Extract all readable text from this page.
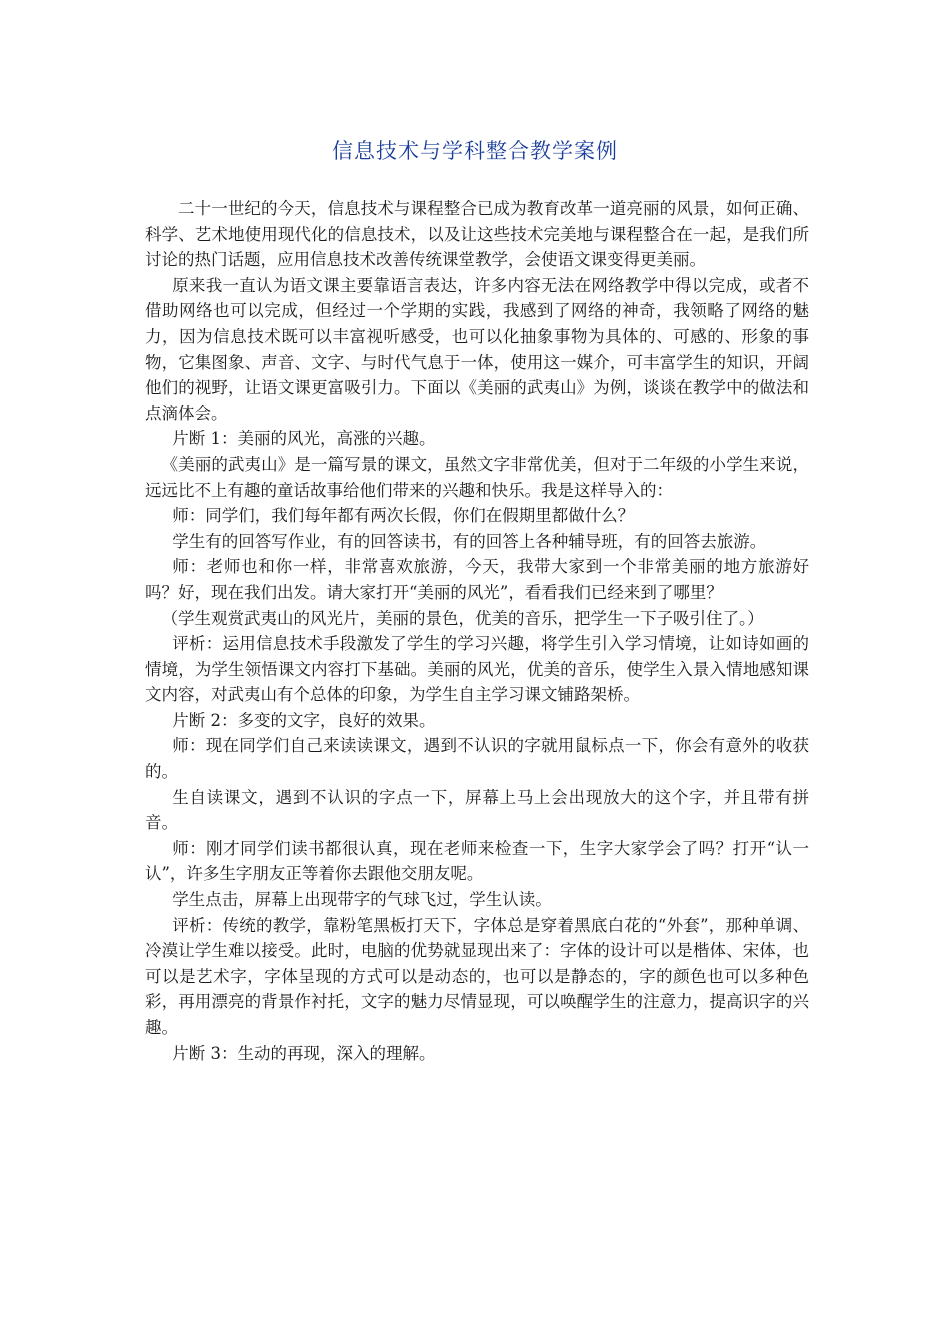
信息技术与学科整合教学案例

二十一世纪的今天，信息技术与课程整合已成为教育改革一道亮丽的风景，如何正确、科学、艺术地使用现代化的信息技术，以及让这些技术完美地与课程整合在一起，是我们所讨论的热门话题，应用信息技术改善传统课堂教学，会使语文课变得更美丽。

原来我一直认为语文课主要靠语言表达，许多内容无法在网络教学中得以完成，或者不借助网络也可以完成，但经过一个学期的实践，我感到了网络的神奇，我领略了网络的魅力，因为信息技术既可以丰富视听感受，也可以化抽象事物为具体的、可感的、形象的事物，它集图象、声音、文字、与时代气息于一体，使用这一媒介，可丰富学生的知识，开阔他们的视野，让语文课更富吸引力。下面以《美丽的武夷山》为例，谈谈在教学中的做法和点滴体会。

片断 1：美丽的风光，高涨的兴趣。

《美丽的武夷山》是一篇写景的课文，虽然文字非常优美，但对于二年级的小学生来说，远远比不上有趣的童话故事给他们带来的兴趣和快乐。我是这样导入的：

师：同学们，我们每年都有两次长假，你们在假期里都做什么？

学生有的回答写作业，有的回答读书，有的回答上各种辅导班，有的回答去旅游。

师：老师也和你一样，非常喜欢旅游，今天，我带大家到一个非常美丽的地方旅游好吗？好，现在我们出发。请大家打开“美丽的风光”，看看我们已经来到了哪里？

（学生观赏武夷山的风光片，美丽的景色，优美的音乐，把学生一下子吸引住了。）

评析：运用信息技术手段激发了学生的学习兴趣，将学生引入学习情境，让如诗如画的情境，为学生领悟课文内容打下基础。美丽的风光，优美的音乐，使学生入景入情地感知课文内容，对武夷山有个总体的印象，为学生自主学习课文铺路架桥。

片断 2：多变的文字，良好的效果。

师：现在同学们自己来读读课文，遇到不认识的字就用鼠标点一下，你会有意外的收获的。

生自读课文，遇到不认识的字点一下，屏幕上马上会出现放大的这个字，并且带有拼音。

师：刚才同学们读书都很认真，现在老师来检查一下，生字大家学会了吗？打开“认一认”，许多生字朋友正等着你去跟他交朋友呢。

学生点击，屏幕上出现带字的气球飞过，学生认读。

评析：传统的教学，靠粉笔黑板打天下，字体总是穿着黑底白花的“外套”，那种单调、冷漠让学生难以接受。此时，电脑的优势就显现出来了：字体的设计可以是楷体、宋体，也可以是艺术字，字体呈现的方式可以是动态的，也可以是静态的，字的颜色也可以多种色彩，再用漂亮的背景作衬托，文字的魅力尽情显现，可以唤醒学生的注意力，提高识字的兴趣。

片断 3：生动的再现，深入的理解。
